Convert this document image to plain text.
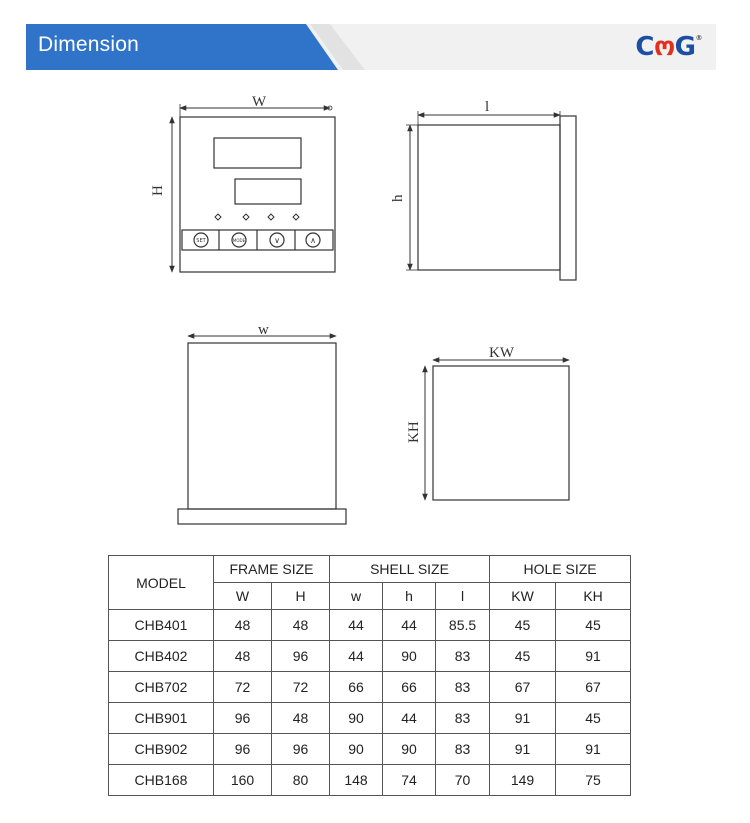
Dimension	CოG®
W
H
SET	MODE	∨	∧
l
h
w
KW
KH
MODEL	FRAME SIZE		SHELL SIZE			HOLE SIZE	
	W	H	w	h	l	KW	KH
CHB401	48	48	44	44	85.5	45	45
CHB402	48	96	44	90	83	45	91
CHB702	72	72	66	66	83	67	67
CHB901	96	48	90	44	83	91	45
CHB902	96	96	90	90	83	91	91
CHB168	160	80	148	74	70	149	75
